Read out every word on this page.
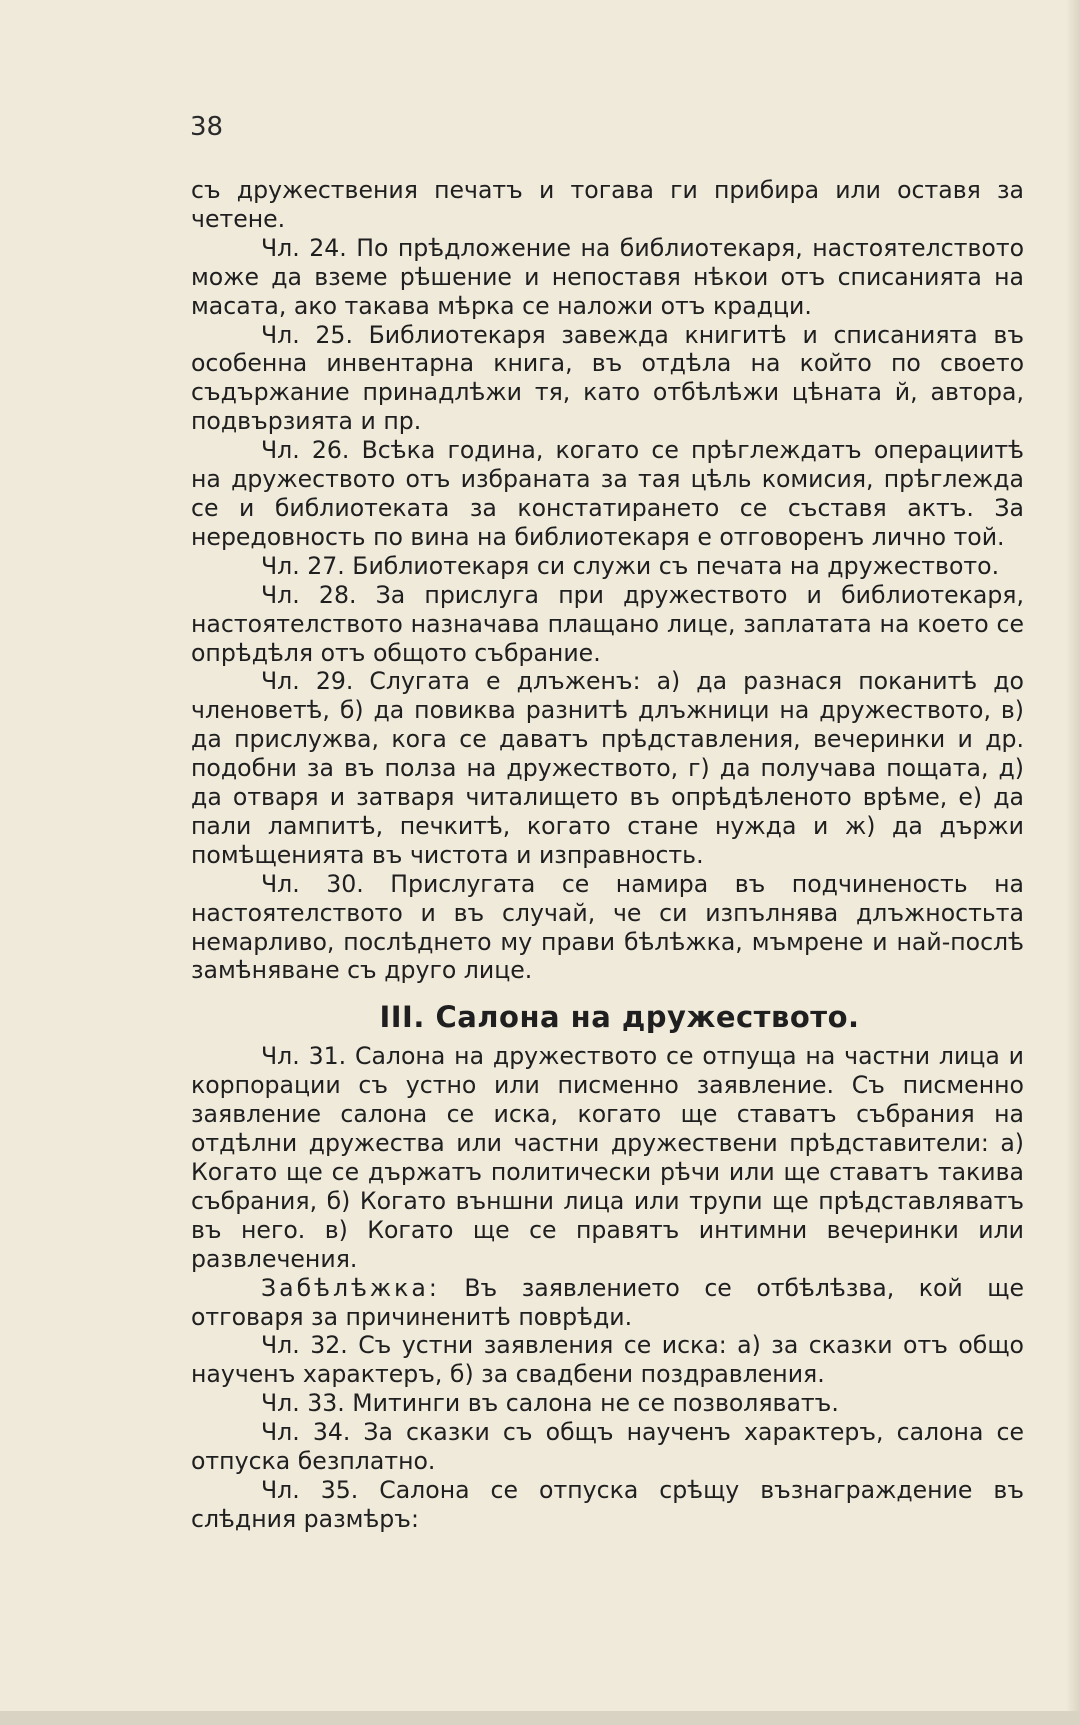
38

съ дружествения печатъ и тогава ги прибира или оставя за четене.

Чл. 24. По прѣдложение на библиотекаря, настоятелството може да вземе рѣшение и непоставя нѣкои отъ списанията на масата, ако такава мѣрка се наложи отъ крадци.

Чл. 25. Библиотекаря завежда книгитѣ и списанията въ особенна инвентарна книга, въ отдѣла на който по своето съдържание принадлѣжи тя, като отбѣлѣжи цѣната й, автора, подвързията и пр.

Чл. 26. Всѣка година, когато се прѣглеждатъ операциитѣ на дружеството отъ избраната за тая цѣль комисия, прѣглежда се и библиотеката за констатирането се съставя актъ. За нередовность по вина на библиотекаря е отговоренъ лично той.

Чл. 27. Библиотекаря си служи съ печата на дружеството.

Чл. 28. За прислуга при дружеството и библиотекаря, настоятелството назначава плащано лице, заплатата на което се опрѣдѣля отъ общото събрание.

Чл. 29. Слугата е длъженъ: а) да разнася поканитѣ до членоветѣ, б) да повиква разнитѣ длъжници на дружеството, в) да прислужва, кога се даватъ прѣдставления, вечеринки и др. подобни за въ полза на дружеството, г) да получава пощата, д) да отваря и затваря читалището въ опрѣдѣленото врѣме, е) да пали лампитѣ, печкитѣ, когато стане нужда и ж) да държи помѣщенията въ чистота и изправность.

Чл. 30. Прислугата се намира въ подчиненость на настоятелството и въ случай, че си изпълнява длъжностьта немарливо, послѣднето му прави бѣлѣжка, мъмрене и най-послѣ замѣняване съ друго лице.

III. Салона на дружеството.

Чл. 31. Салона на дружеството се отпуща на частни лица и корпорации съ устно или писменно заявление. Съ писменно заявление салона се иска, когато ще ставатъ събрания на отдѣлни дружества или частни дружествени прѣдставители: а) Когато ще се държатъ политически рѣчи или ще ставатъ такива събрания, б) Когато външни лица или трупи ще прѣдставляватъ въ него. в) Когато ще се правятъ интимни вечеринки или развлечения.

Забѣлѣжка: Въ заявлението се отбѣлѣзва, кой ще отговаря за причиненитѣ поврѣди.

Чл. 32. Съ устни заявления се иска: а) за сказки отъ общо наученъ характеръ, б) за свадбени поздравления.

Чл. 33. Митинги въ салона не се позволяватъ.

Чл. 34. За сказки съ общъ наученъ характеръ, салона се отпуска безплатно.

Чл. 35. Салона се отпуска срѣщу възнаграждение въ слѣдния размѣръ:
